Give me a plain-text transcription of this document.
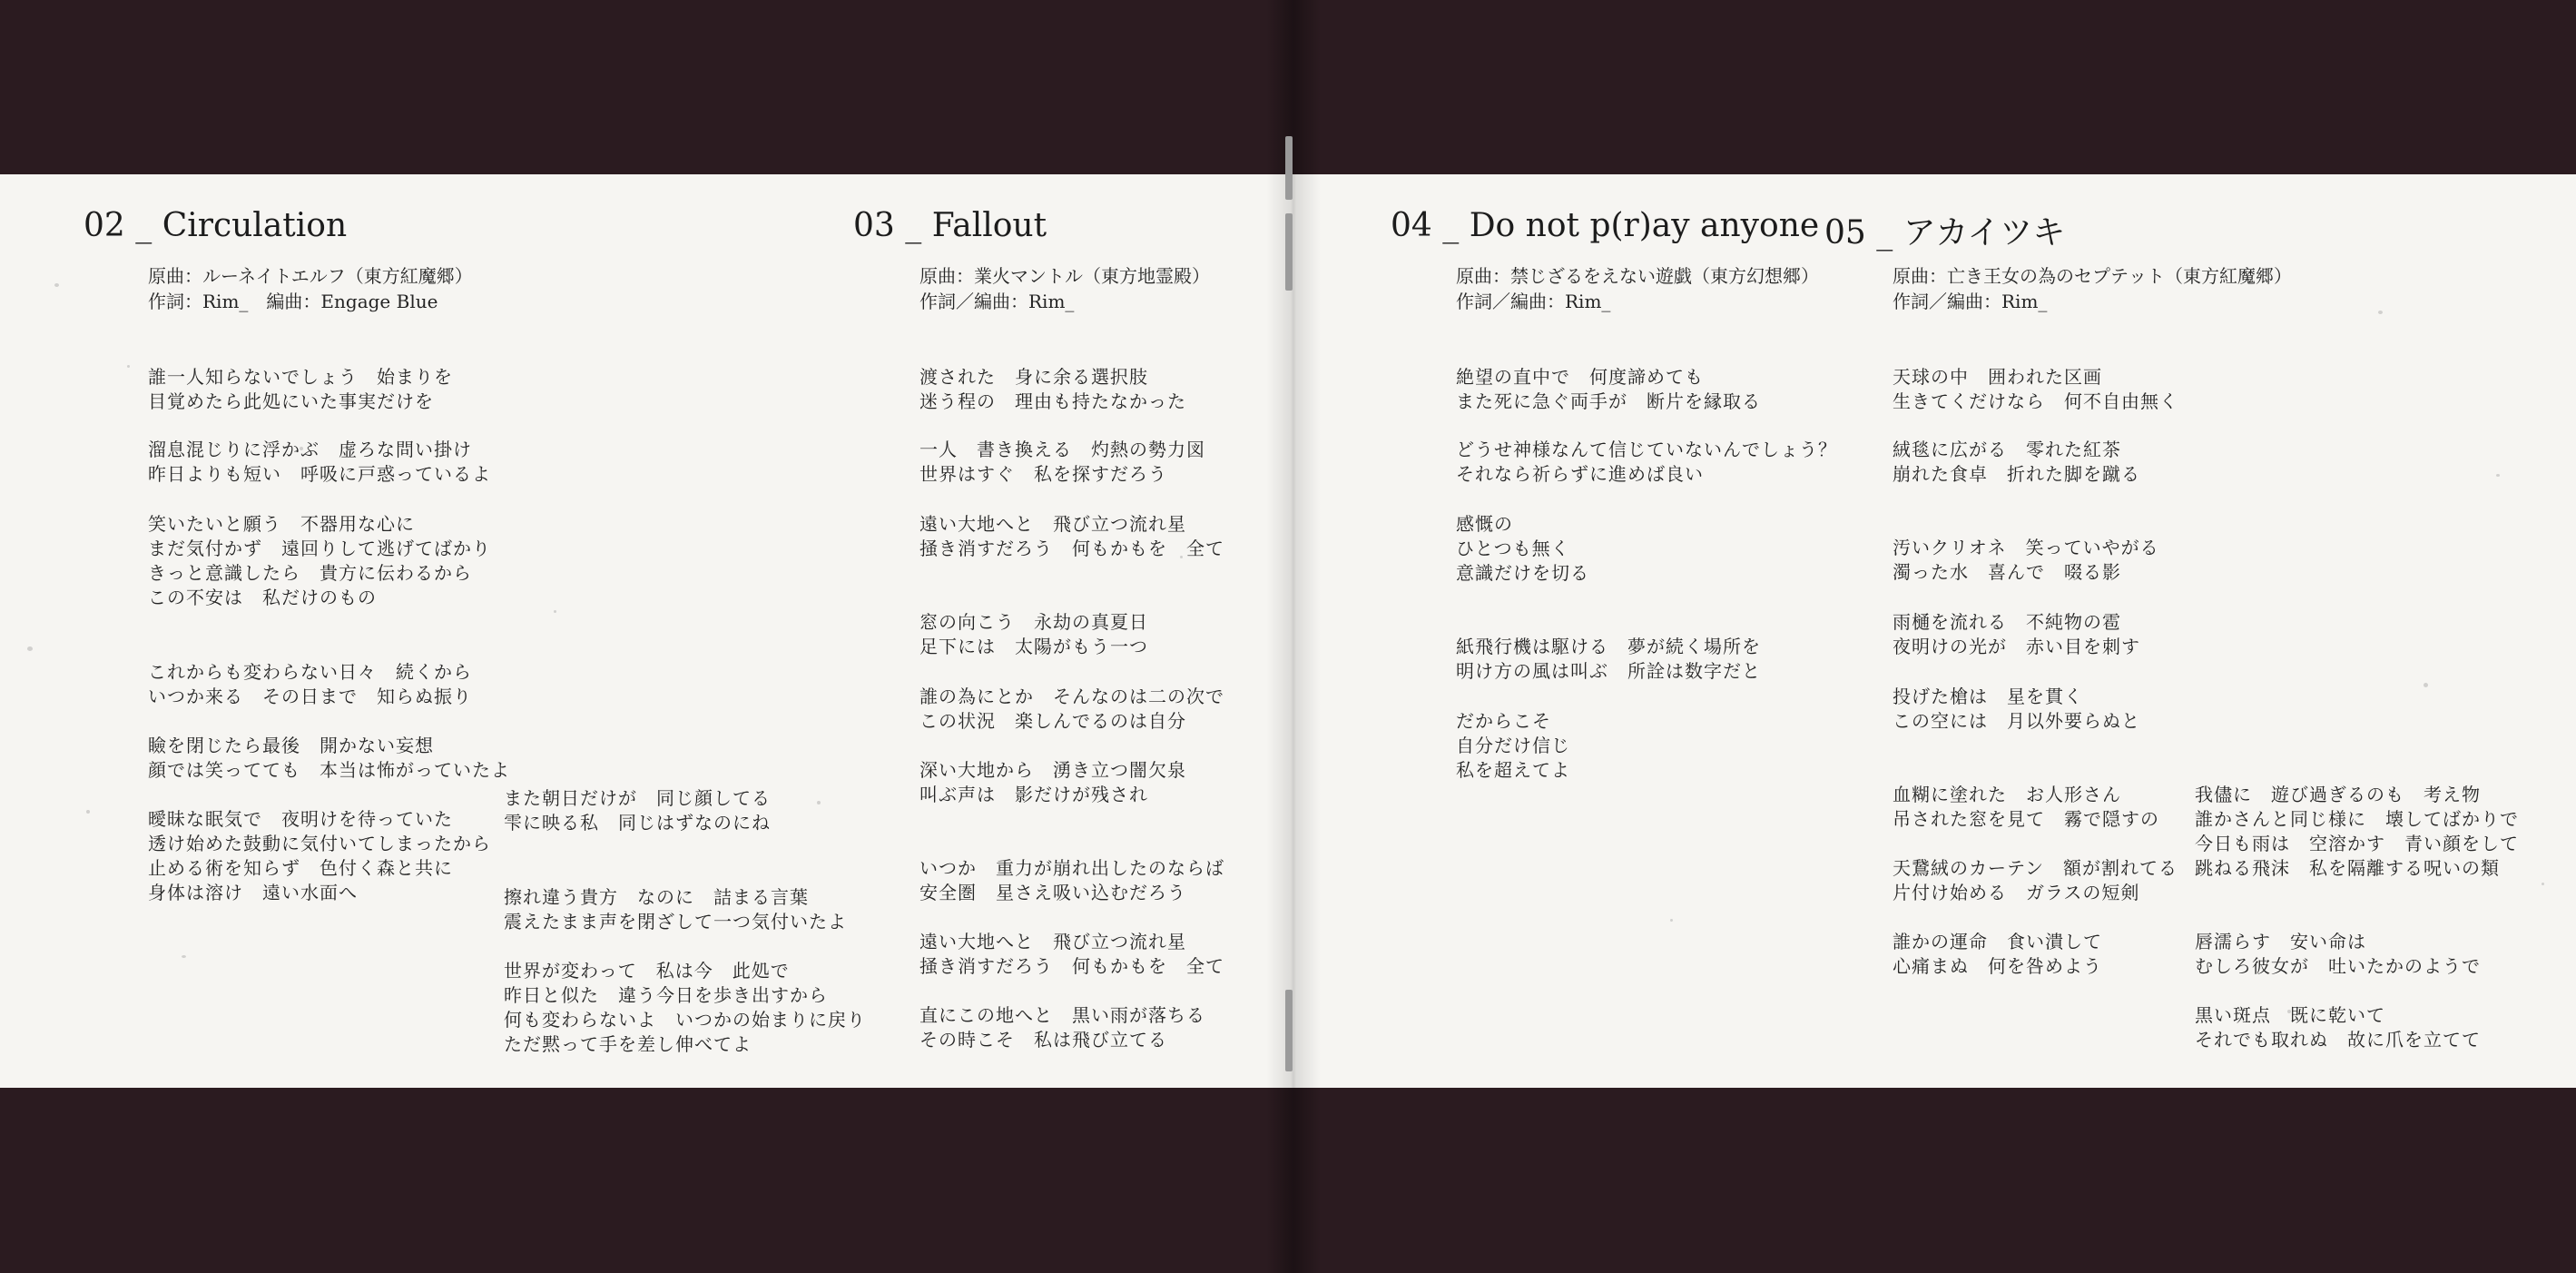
02 _ Circulation
原曲：ルーネイトエルフ（東方紅魔郷）
作詞：Rim_　編曲：Engage Blue
誰一人知らないでしょう　始まりを
目覚めたら此処にいた事実だけを
溜息混じりに浮かぶ　虚ろな問い掛け
昨日よりも短い　呼吸に戸惑っているよ
笑いたいと願う　不器用な心に
まだ気付かず　遠回りして逃げてばかり
きっと意識したら　貴方に伝わるから
この不安は　私だけのもの
これからも変わらない日々　続くから
いつか来る　その日まで　知らぬ振り
瞼を閉じたら最後　開かない妄想
顔では笑ってても　本当は怖がっていたよ
曖昧な眠気で　夜明けを待っていた
透け始めた鼓動に気付いてしまったから
止める術を知らず　色付く森と共に
身体は溶け　遠い水面へ
また朝日だけが　同じ顔してる
雫に映る私　同じはずなのにね
擦れ違う貴方　なのに　詰まる言葉
震えたまま声を閉ざして一つ気付いたよ
世界が変わって　私は今　此処で
昨日と似た　違う今日を歩き出すから
何も変わらないよ　いつかの始まりに戻り
ただ黙って手を差し伸べてよ
03 _ Fallout
原曲：業火マントル（東方地霊殿）
作詞／編曲：Rim_
渡された　身に余る選択肢
迷う程の　理由も持たなかった
一人　書き換える　灼熱の勢力図
世界はすぐ　私を探すだろう
遠い大地へと　飛び立つ流れ星
掻き消すだろう　何もかもを　全て
窓の向こう　永劫の真夏日
足下には　太陽がもう一つ
誰の為にとか　そんなのは二の次で
この状況　楽しんでるのは自分
深い大地から　湧き立つ闇欠泉
叫ぶ声は　影だけが残され
いつか　重力が崩れ出したのならば
安全圏　星さえ吸い込むだろう
遠い大地へと　飛び立つ流れ星
掻き消すだろう　何もかもを　全て
直にこの地へと　黒い雨が落ちる
その時こそ　私は飛び立てる
04 _ Do not p(r)ay anyone
原曲：禁じざるをえない遊戯（東方幻想郷）
作詞／編曲：Rim_
絶望の直中で　何度諦めても
また死に急ぐ両手が　断片を縁取る
どうせ神様なんて信じていないんでしょう？
それなら祈らずに進めば良い
感慨の
ひとつも無く
意識だけを切る
紙飛行機は駆ける　夢が続く場所を
明け方の風は叫ぶ　所詮は数字だと
だからこそ
自分だけ信じ
私を超えてよ
05 _ アカイツキ
原曲：亡き王女の為のセプテット（東方紅魔郷）
作詞／編曲：Rim_
天球の中　囲われた区画
生きてくだけなら　何不自由無く
絨毯に広がる　零れた紅茶
崩れた食卓　折れた脚を蹴る
汚いクリオネ　笑っていやがる
濁った水　喜んで　啜る影
雨樋を流れる　不純物の雹
夜明けの光が　赤い目を刺す
投げた槍は　星を貫く
この空には　月以外要らぬと
血糊に塗れた　お人形さん
吊された窓を見て　霧で隠すの
天鵞絨のカーテン　額が割れてる
片付け始める　ガラスの短剣
誰かの運命　食い潰して
心痛まぬ　何を咎めよう
我儘に　遊び過ぎるのも　考え物
誰かさんと同じ様に　壊してばかりで
今日も雨は　空溶かす　青い顔をして
跳ねる飛沫　私を隔離する呪いの類
唇濡らす　安い命は
むしろ彼女が　吐いたかのようで
黒い斑点　既に乾いて
それでも取れぬ　故に爪を立てて
